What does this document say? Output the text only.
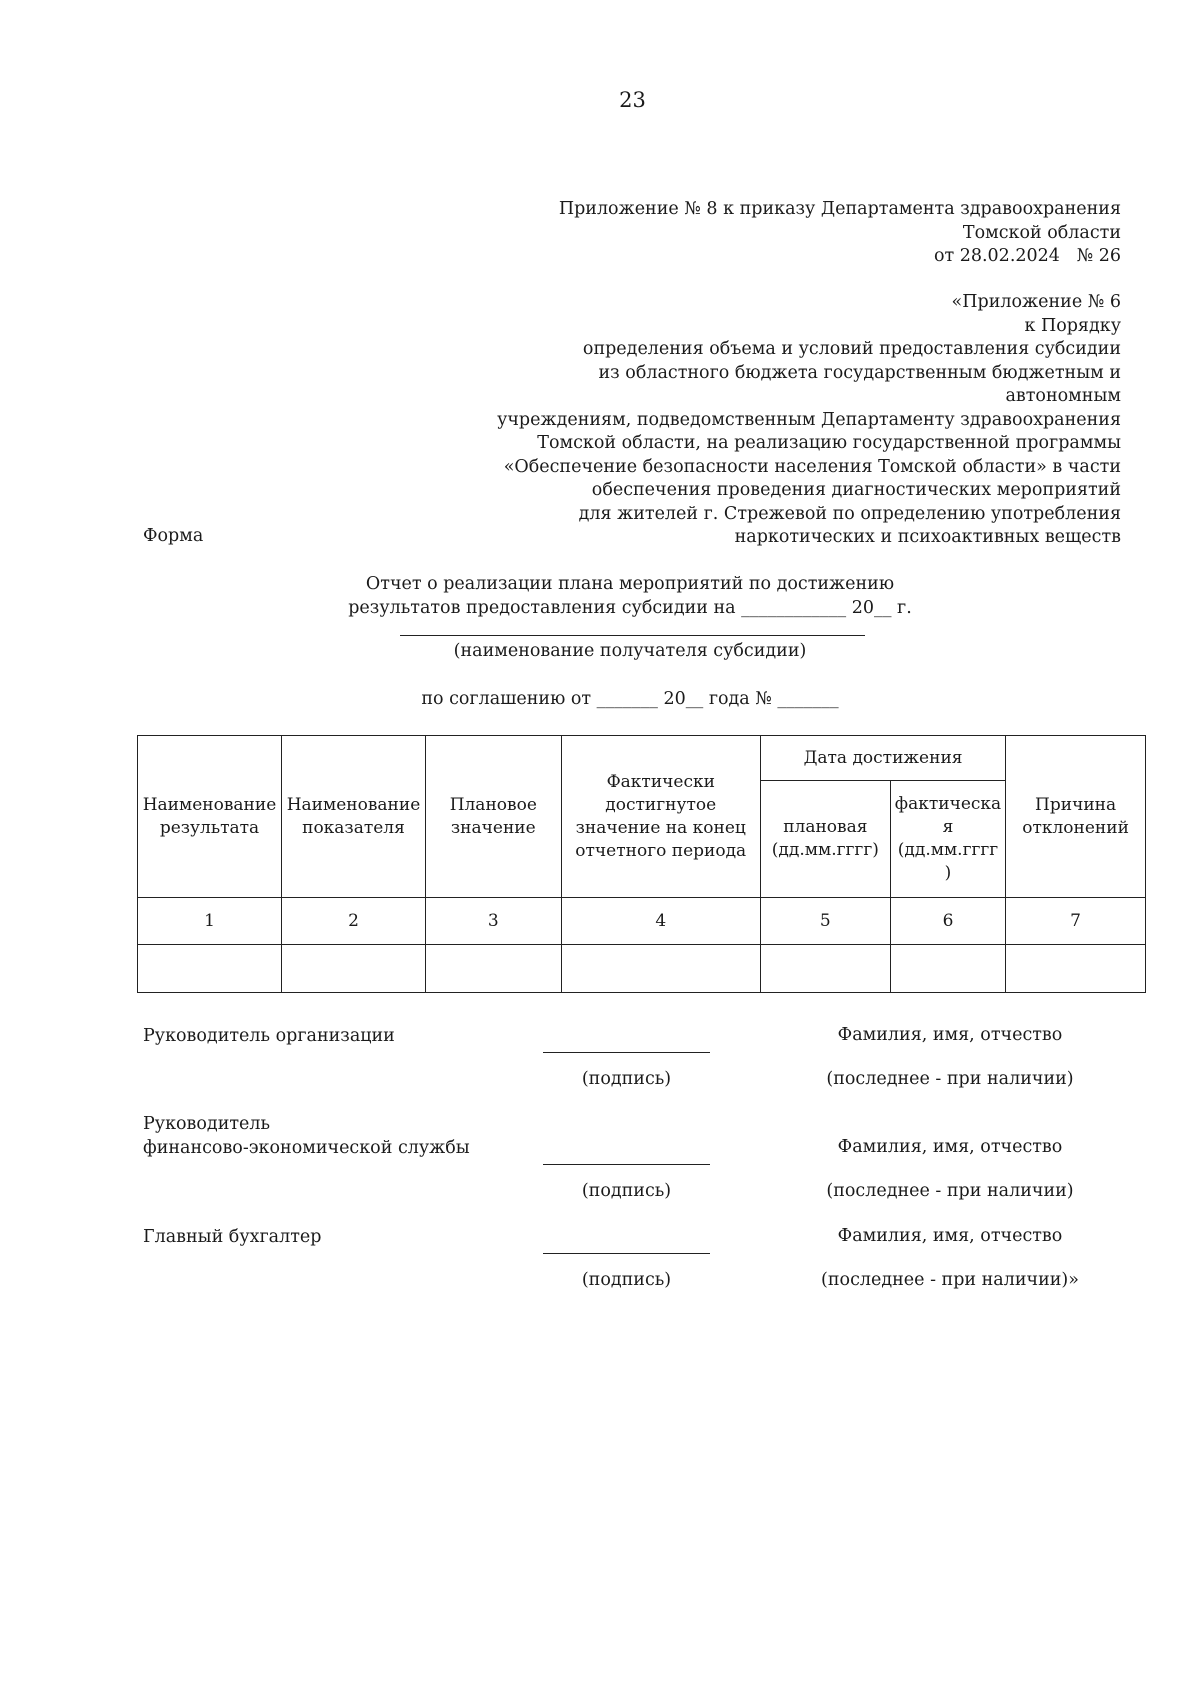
23
Приложение № 8 к приказу Департамента здравоохранения
Томской области
от 28.02.2024   № 26
«Приложение № 6
к Порядку
определения объема и условий предоставления субсидии
из областного бюджета государственным бюджетным и автономным
учреждениям, подведомственным Департаменту здравоохранения
Томской области, на реализацию государственной программы
«Обеспечение безопасности населения Томской области» в части
обеспечения проведения диагностических мероприятий
для жителей г. Стрежевой по определению употребления
наркотических и психоактивных веществ
Форма
Отчет о реализации плана мероприятий по достижению
результатов предоставления субсидии на ____________ 20__ г.
(наименование получателя субсидии)
по соглашению от _______ 20__ года № _______
Наименование результата	Наименование показателя	Плановое значение	Фактически достигнутое значение на конец отчетного периода	Дата достижения		Причина отклонений
				плановая (дд.мм.гггг)	фактическа я (дд.мм.гггг )	
1	2	3	4	5	6	7

Руководитель организации
(подпись)
Фамилия, имя, отчество
(последнее - при наличии)
Руководитель
финансово-экономической службы
(подпись)
Фамилия, имя, отчество
(последнее - при наличии)
Главный бухгалтер
(подпись)
Фамилия, имя, отчество
(последнее - при наличии)»
